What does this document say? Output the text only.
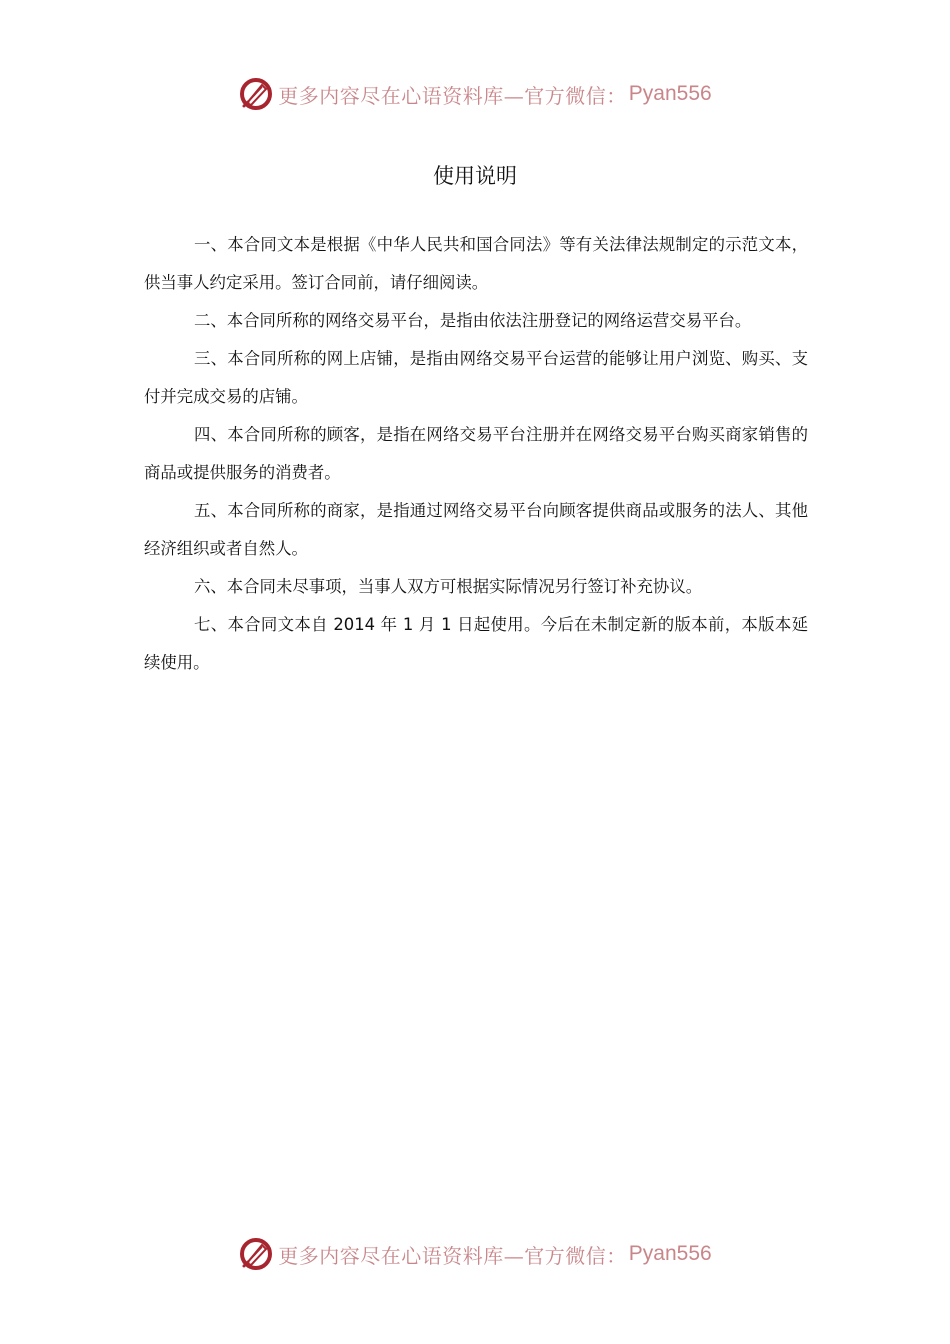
更多内容尽在心语资料库—官方微信： Pyan556
使用说明

一、本合同文本是根据《中华人民共和国合同法》等有关法律法规制定的示范文本，供当事人约定采用。签订合同前，请仔细阅读。

二、本合同所称的网络交易平台，是指由依法注册登记的网络运营交易平台。

三、本合同所称的网上店铺，是指由网络交易平台运营的能够让用户浏览、购买、支付并完成交易的店铺。

四、本合同所称的顾客，是指在网络交易平台注册并在网络交易平台购买商家销售的商品或提供服务的消费者。

五、本合同所称的商家，是指通过网络交易平台向顾客提供商品或服务的法人、其他经济组织或者自然人。

六、本合同未尽事项，当事人双方可根据实际情况另行签订补充协议。

七、本合同文本自 2014 年 1 月 1 日起使用。今后在未制定新的版本前，本版本延续使用。

更多内容尽在心语资料库—官方微信： Pyan556
